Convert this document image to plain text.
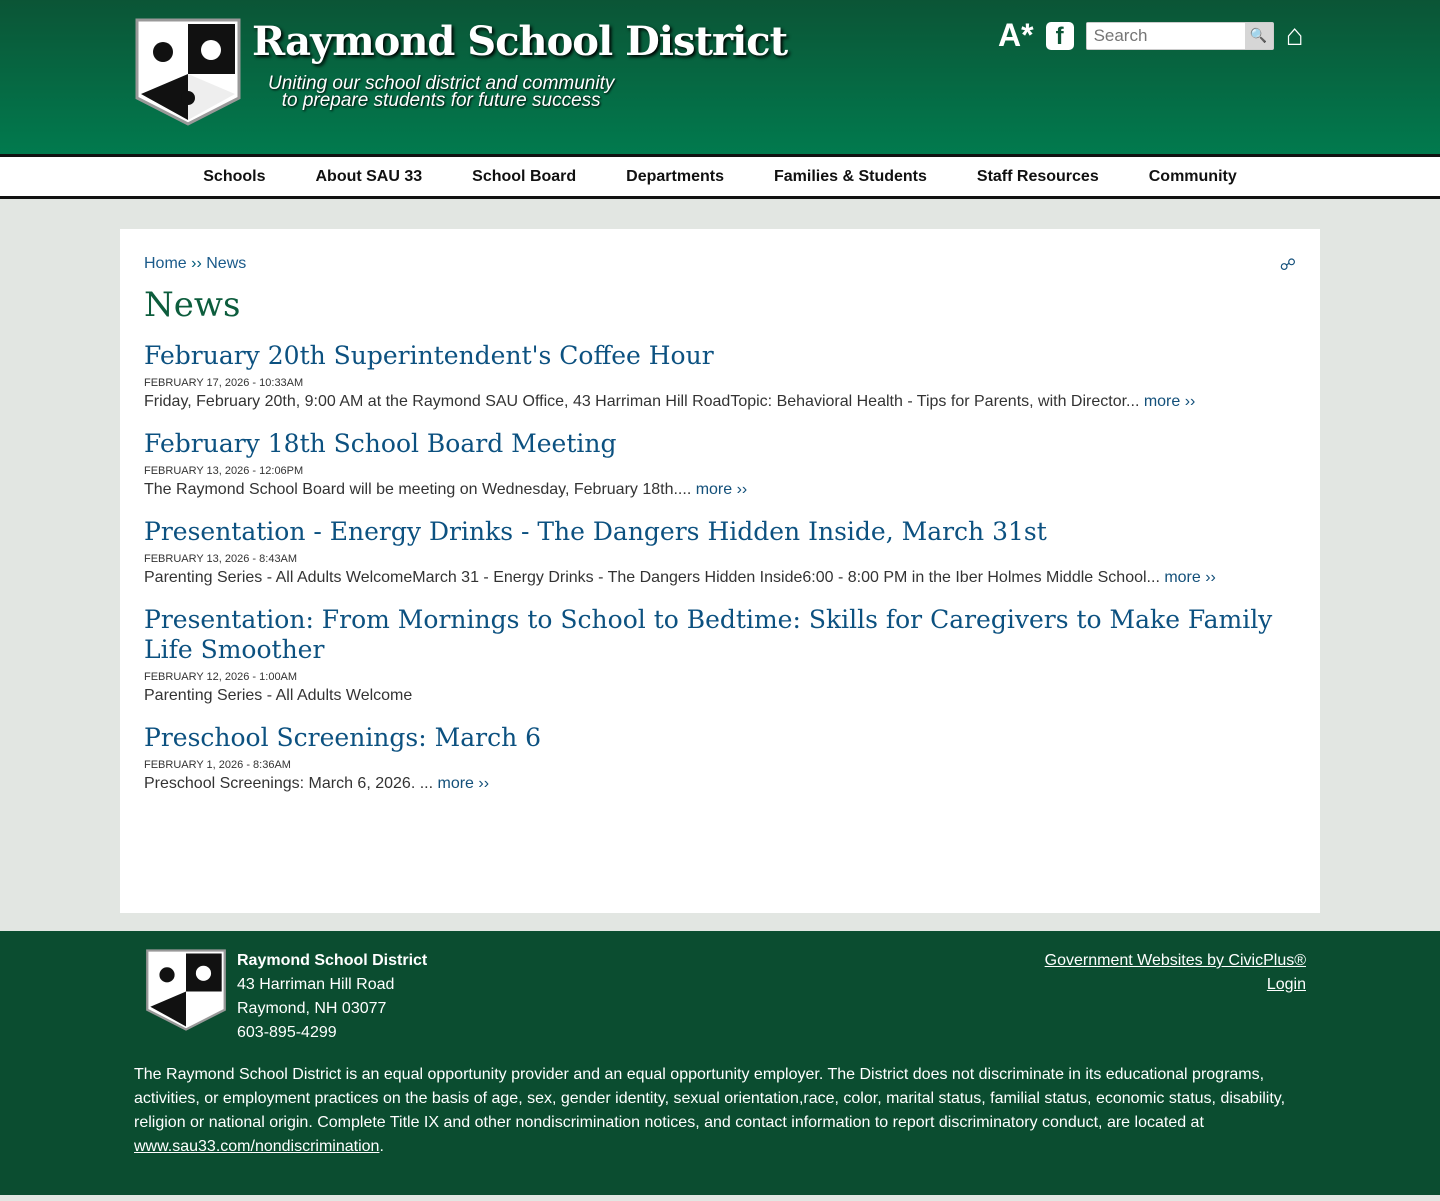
Raymond School District
Uniting our school district and community
to prepare students for future success
A* f
Search	🔍 ⌂
Schools	About SAU 33	School Board	Departments	Families & Students	Staff Resources	Community
Home ›› News	☍
News
February 20th Superintendent's Coffee Hour
FEBRUARY 17, 2026 - 10:33AM
Friday, February 20th, 9:00 AM at the Raymond SAU Office, 43 Harriman Hill RoadTopic: Behavioral Health - Tips for Parents, with Director... more ››
February 18th School Board Meeting
FEBRUARY 13, 2026 - 12:06PM
The Raymond School Board will be meeting on Wednesday, February 18th.... more ››
Presentation - Energy Drinks - The Dangers Hidden Inside, March 31st
FEBRUARY 13, 2026 - 8:43AM
Parenting Series - All Adults WelcomeMarch 31 - Energy Drinks - The Dangers Hidden Inside6:00 - 8:00 PM in the Iber Holmes Middle School... more ››
Presentation: From Mornings to School to Bedtime: Skills for Caregivers to Make Family Life Smoother
FEBRUARY 12, 2026 - 1:00AM
Parenting Series - All Adults Welcome
Preschool Screenings: March 6
FEBRUARY 1, 2026 - 8:36AM
Preschool Screenings: March 6, 2026. ... more ››
Raymond School District
43 Harriman Hill Road
Raymond, NH 03077
603-895-4299
Government Websites by CivicPlus®
Login
The Raymond School District is an equal opportunity provider and an equal opportunity employer. The District does not discriminate in its educational programs, activities, or employment practices on the basis of age, sex, gender identity, sexual orientation,race, color, marital status, familial status, economic status, disability, religion or national origin. Complete Title IX and other nondiscrimination notices, and contact information to report discriminatory conduct, are located at www.sau33.com/nondiscrimination.
